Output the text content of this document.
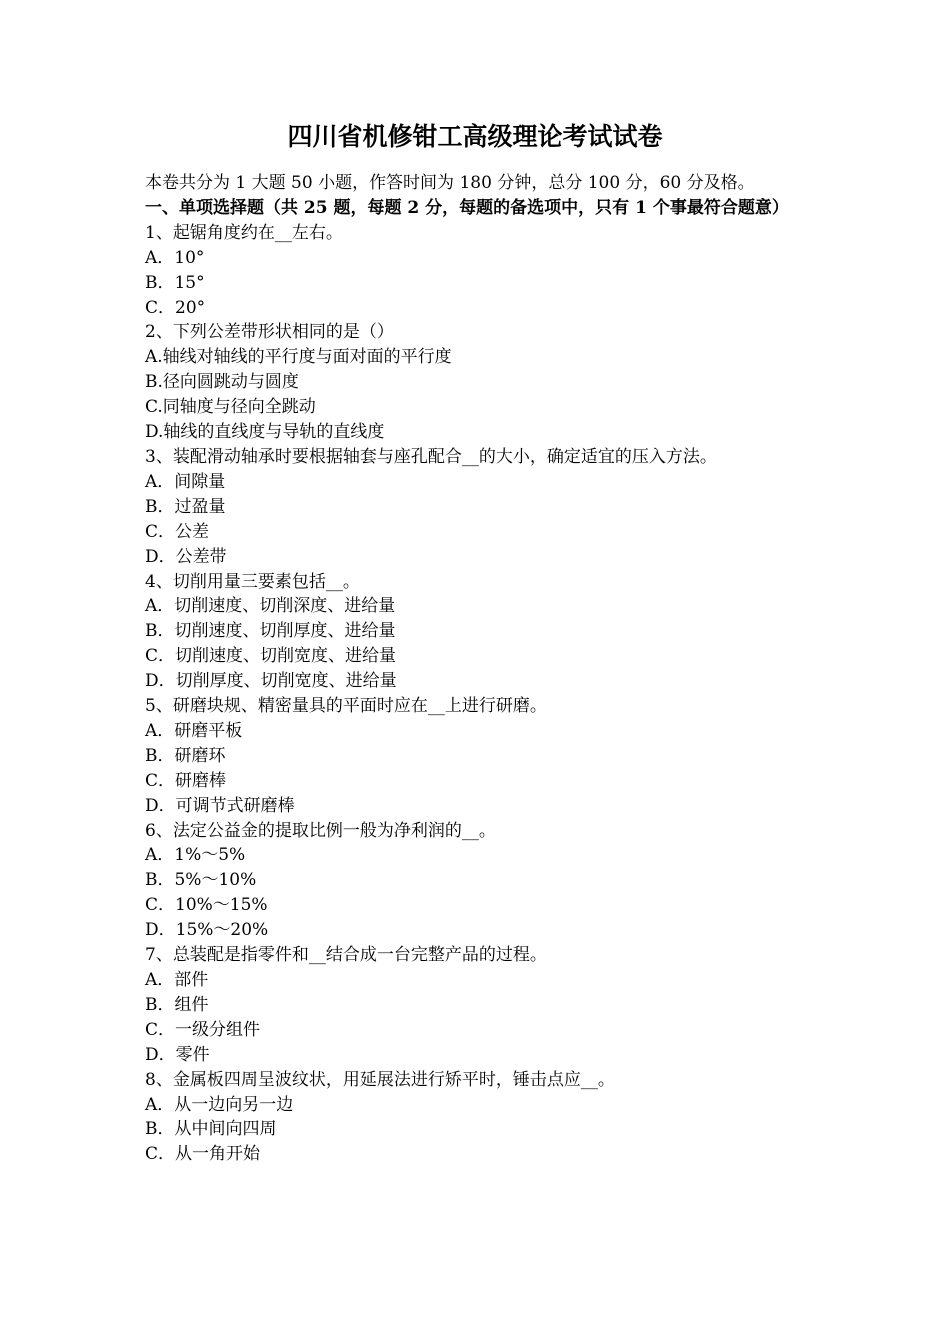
四川省机修钳工高级理论考试试卷

本卷共分为 1 大题 50 小题，作答时间为 180 分钟，总分 100 分，60 分及格。

一、单项选择题（共 25 题，每题 2 分，每题的备选项中，只有 1 个事最符合题意）

1、起锯角度约在__左右。

A．10°

B．15°

C．20°

2、下列公差带形状相同的是（）

A.轴线对轴线的平行度与面对面的平行度

B.径向圆跳动与圆度

C.同轴度与径向全跳动

D.轴线的直线度与导轨的直线度

3、装配滑动轴承时要根据轴套与座孔配合__的大小，确定适宜的压入方法。

A．间隙量

B．过盈量

C．公差

D．公差带

4、切削用量三要素包括__。

A．切削速度、切削深度、进给量

B．切削速度、切削厚度、进给量

C．切削速度、切削宽度、进给量

D．切削厚度、切削宽度、进给量

5、研磨块规、精密量具的平面时应在__上进行研磨。

A．研磨平板

B．研磨环

C．研磨棒

D．可调节式研磨棒

6、法定公益金的提取比例一般为净利润的__。

A．1%～5%

B．5%～10%

C．10%～15%

D．15%～20%

7、总装配是指零件和__结合成一台完整产品的过程。

A．部件

B．组件

C．一级分组件

D．零件

8、金属板四周呈波纹状，用延展法进行矫平时，锤击点应__。

A．从一边向另一边

B．从中间向四周

C．从一角开始
